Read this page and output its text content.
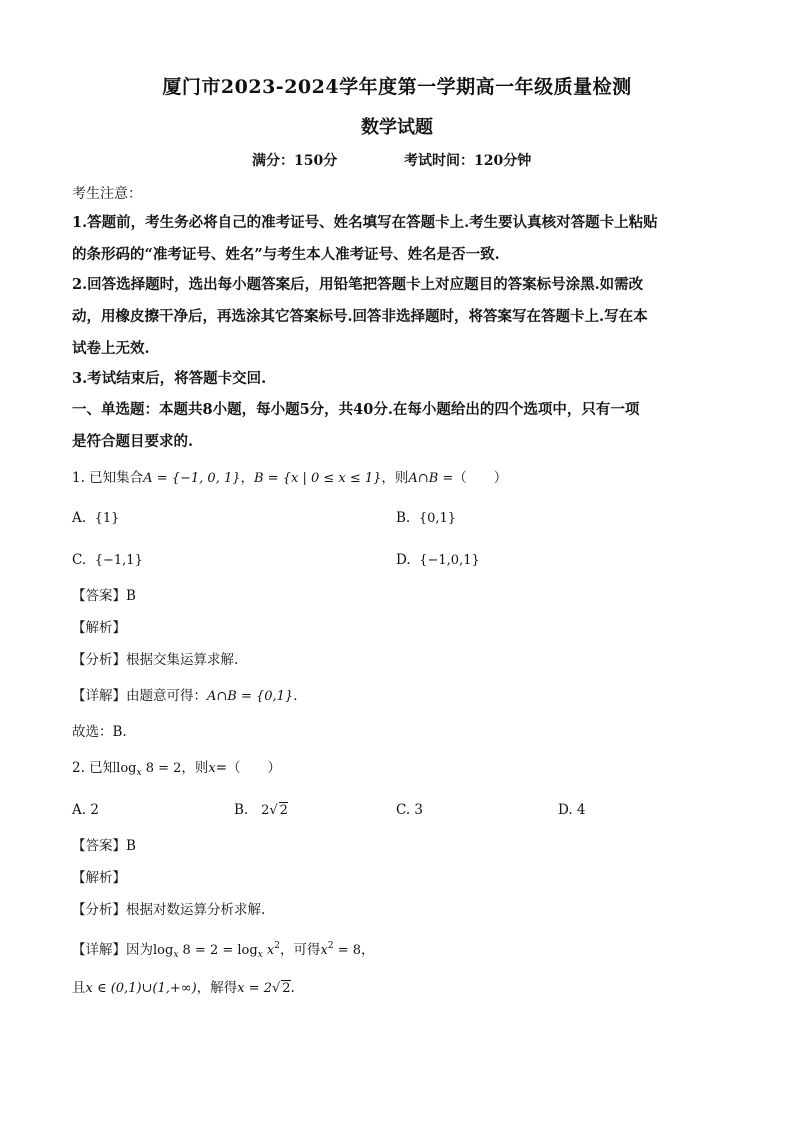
厦门市2023-2024学年度第一学期高一年级质量检测
数学试题
满分：150分	考试时间：120分钟
考生注意：
1.答题前，考生务必将自己的准考证号、姓名填写在答题卡上.考生要认真核对答题卡上粘贴
的条形码的“准考证号、姓名”与考生本人准考证号、姓名是否一致.
2.回答选择题时，选出每小题答案后，用铅笔把答题卡上对应题目的答案标号涂黑.如需改
动，用橡皮擦干净后，再选涂其它答案标号.回答非选择题时，将答案写在答题卡上.写在本
试卷上无效.
3.考试结束后，将答题卡交回.
一、单选题：本题共8小题，每小题5分，共40分.在每小题给出的四个选项中，只有一项
是符合题目要求的.
1. 已知集合A = {−1, 0, 1}，B = {x | 0 ≤ x ≤ 1}，则A∩B =（　　）
A. {1}	B. {0,1}
C. {−1,1}	D. {−1,0,1}
【答案】B
【解析】
【分析】根据交集运算求解.
【详解】由题意可得：A∩B = {0,1}.
故选：B.
2. 已知$\log_x 8 = 2$，则x=（　　）
A. 2	B. 2√ 2	C. 3	D. 4
【答案】B
【解析】
【分析】根据对数运算分析求解.
【详解】因为$\log_x 8 = 2 = \log_x x^2$，可得$x^2 = 8$，
且x ∈ (0,1)∪(1,+∞)，解得x = 2√ 2.
